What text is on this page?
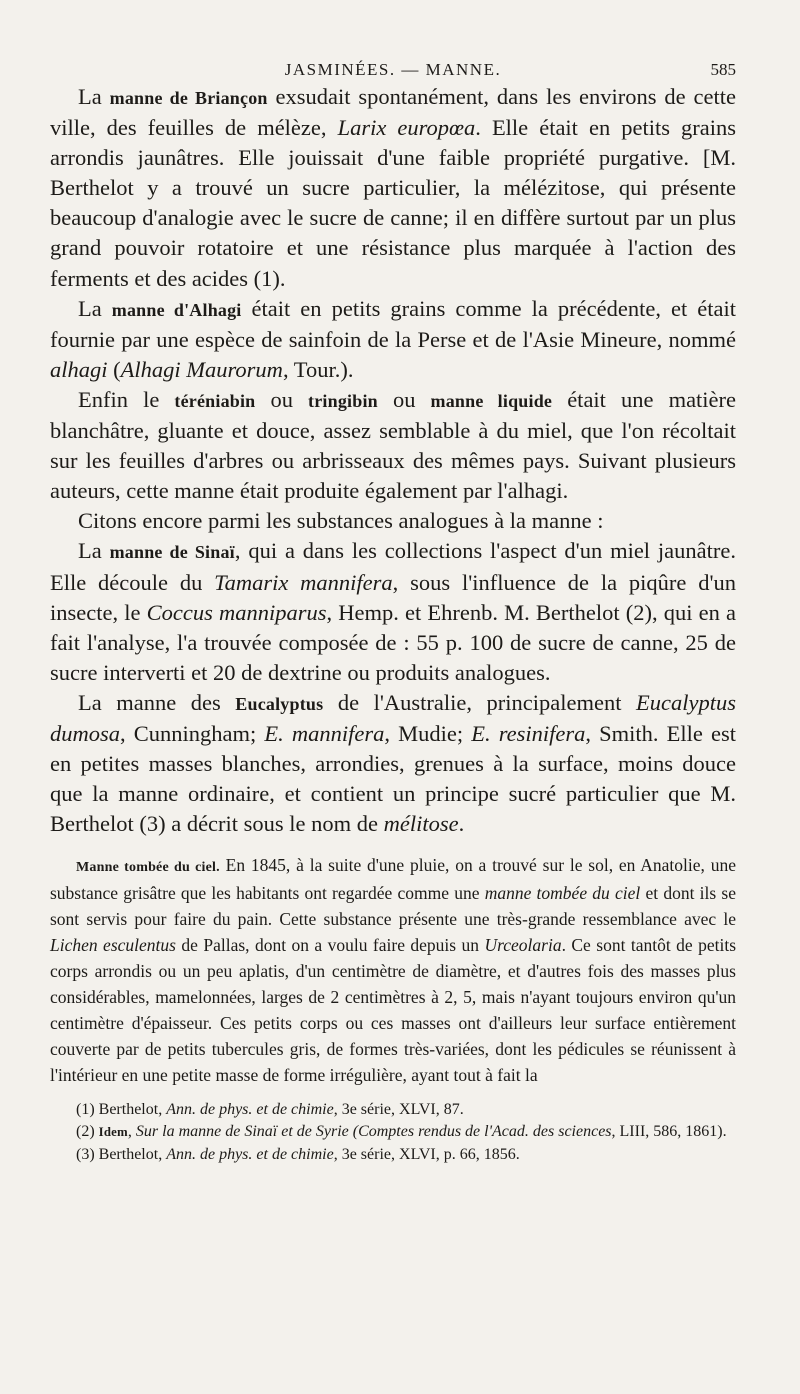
JASMINÉES. — MANNE.	585

La manne de Briançon exsudait spontanément, dans les environs de cette ville, des feuilles de mélèze, Larix europœa. Elle était en petits grains arrondis jaunâtres. Elle jouissait d'une faible propriété purgative. [M. Berthelot y a trouvé un sucre particulier, la mélézitose, qui présente beaucoup d'analogie avec le sucre de canne; il en diffère surtout par un plus grand pouvoir rotatoire et une résistance plus marquée à l'action des ferments et des acides (1).

La manne d'Alhagi était en petits grains comme la précédente, et était fournie par une espèce de sainfoin de la Perse et de l'Asie Mineure, nommé alhagi (Alhagi Maurorum, Tour.).

Enfin le téréniabin ou tringibin ou manne liquide était une matière blanchâtre, gluante et douce, assez semblable à du miel, que l'on récoltait sur les feuilles d'arbres ou arbrisseaux des mêmes pays. Suivant plusieurs auteurs, cette manne était produite également par l'alhagi.

Citons encore parmi les substances analogues à la manne :

La manne de Sinaï, qui a dans les collections l'aspect d'un miel jaunâtre. Elle découle du Tamarix mannifera, sous l'influence de la piqûre d'un insecte, le Coccus manniparus, Hemp. et Ehrenb. M. Berthelot (2), qui en a fait l'analyse, l'a trouvée composée de : 55 p. 100 de sucre de canne, 25 de sucre interverti et 20 de dextrine ou produits analogues.

La manne des Eucalyptus de l'Australie, principalement Eucalyptus dumosa, Cunningham; E. mannifera, Mudie; E. resinifera, Smith. Elle est en petites masses blanches, arrondies, grenues à la surface, moins douce que la manne ordinaire, et contient un principe sucré particulier que M. Berthelot (3) a décrit sous le nom de mélitose.

Manne tombée du ciel. En 1845, à la suite d'une pluie, on a trouvé sur le sol, en Anatolie, une substance grisâtre que les habitants ont regardée comme une manne tombée du ciel et dont ils se sont servis pour faire du pain. Cette substance présente une très-grande ressemblance avec le Lichen esculentus de Pallas, dont on a voulu faire depuis un Urceolaria. Ce sont tantôt de petits corps arrondis ou un peu aplatis, d'un centimètre de diamètre, et d'autres fois des masses plus considérables, mamelonnées, larges de 2 centimètres à 2, 5, mais n'ayant toujours environ qu'un centimètre d'épaisseur. Ces petits corps ou ces masses ont d'ailleurs leur surface entièrement couverte par de petits tubercules gris, de formes très-variées, dont les pédicules se réunissent à l'intérieur en une petite masse de forme irrégulière, ayant tout à fait la

(1) Berthelot, Ann. de phys. et de chimie, 3e série, XLVI, 87.

(2) Idem, Sur la manne de Sinaï et de Syrie (Comptes rendus de l'Acad. des sciences, LIII, 586, 1861).

(3) Berthelot, Ann. de phys. et de chimie, 3e série, XLVI, p. 66, 1856.
